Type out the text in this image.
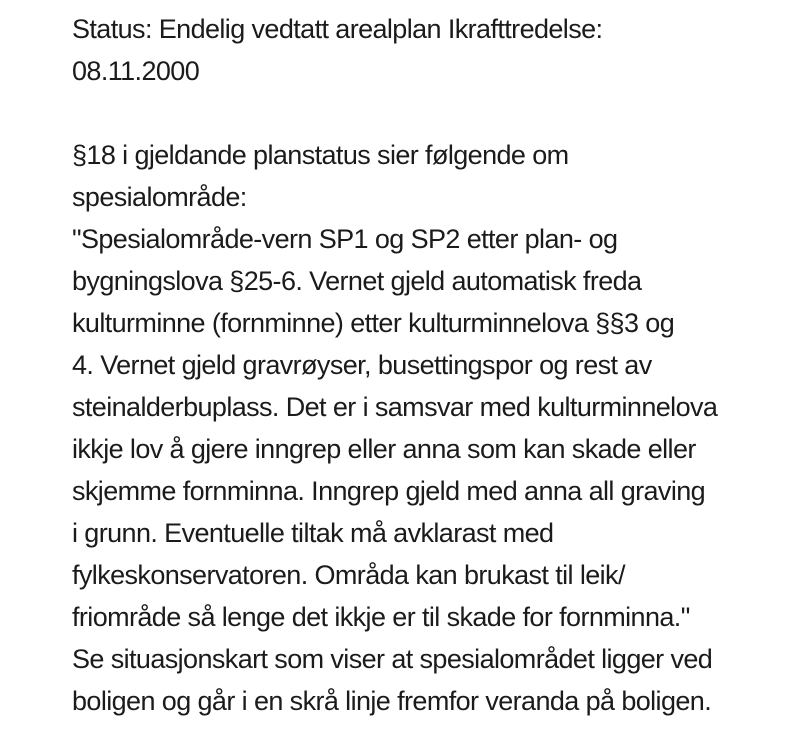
Status: Endelig vedtatt arealplan Ikrafttredelse:
08.11.2000
§18 i gjeldande planstatus sier følgende om
spesialområde:
"Spesialområde-vern SP1 og SP2 etter plan- og
bygningslova §25-6. Vernet gjeld automatisk freda
kulturminne (fornminne) etter kulturminnelova §§3 og
4. Vernet gjeld gravrøyser, busettingspor og rest av
steinalderbuplass. Det er i samsvar med kulturminnelova
ikkje lov å gjere inngrep eller anna som kan skade eller
skjemme fornminna. Inngrep gjeld med anna all graving
i grunn. Eventuelle tiltak må avklarast med
fylkeskonservatoren. Områda kan brukast til leik/
friområde så lenge det ikkje er til skade for fornminna."
Se situasjonskart som viser at spesialområdet ligger ved
boligen og går i en skrå linje fremfor veranda på boligen.
